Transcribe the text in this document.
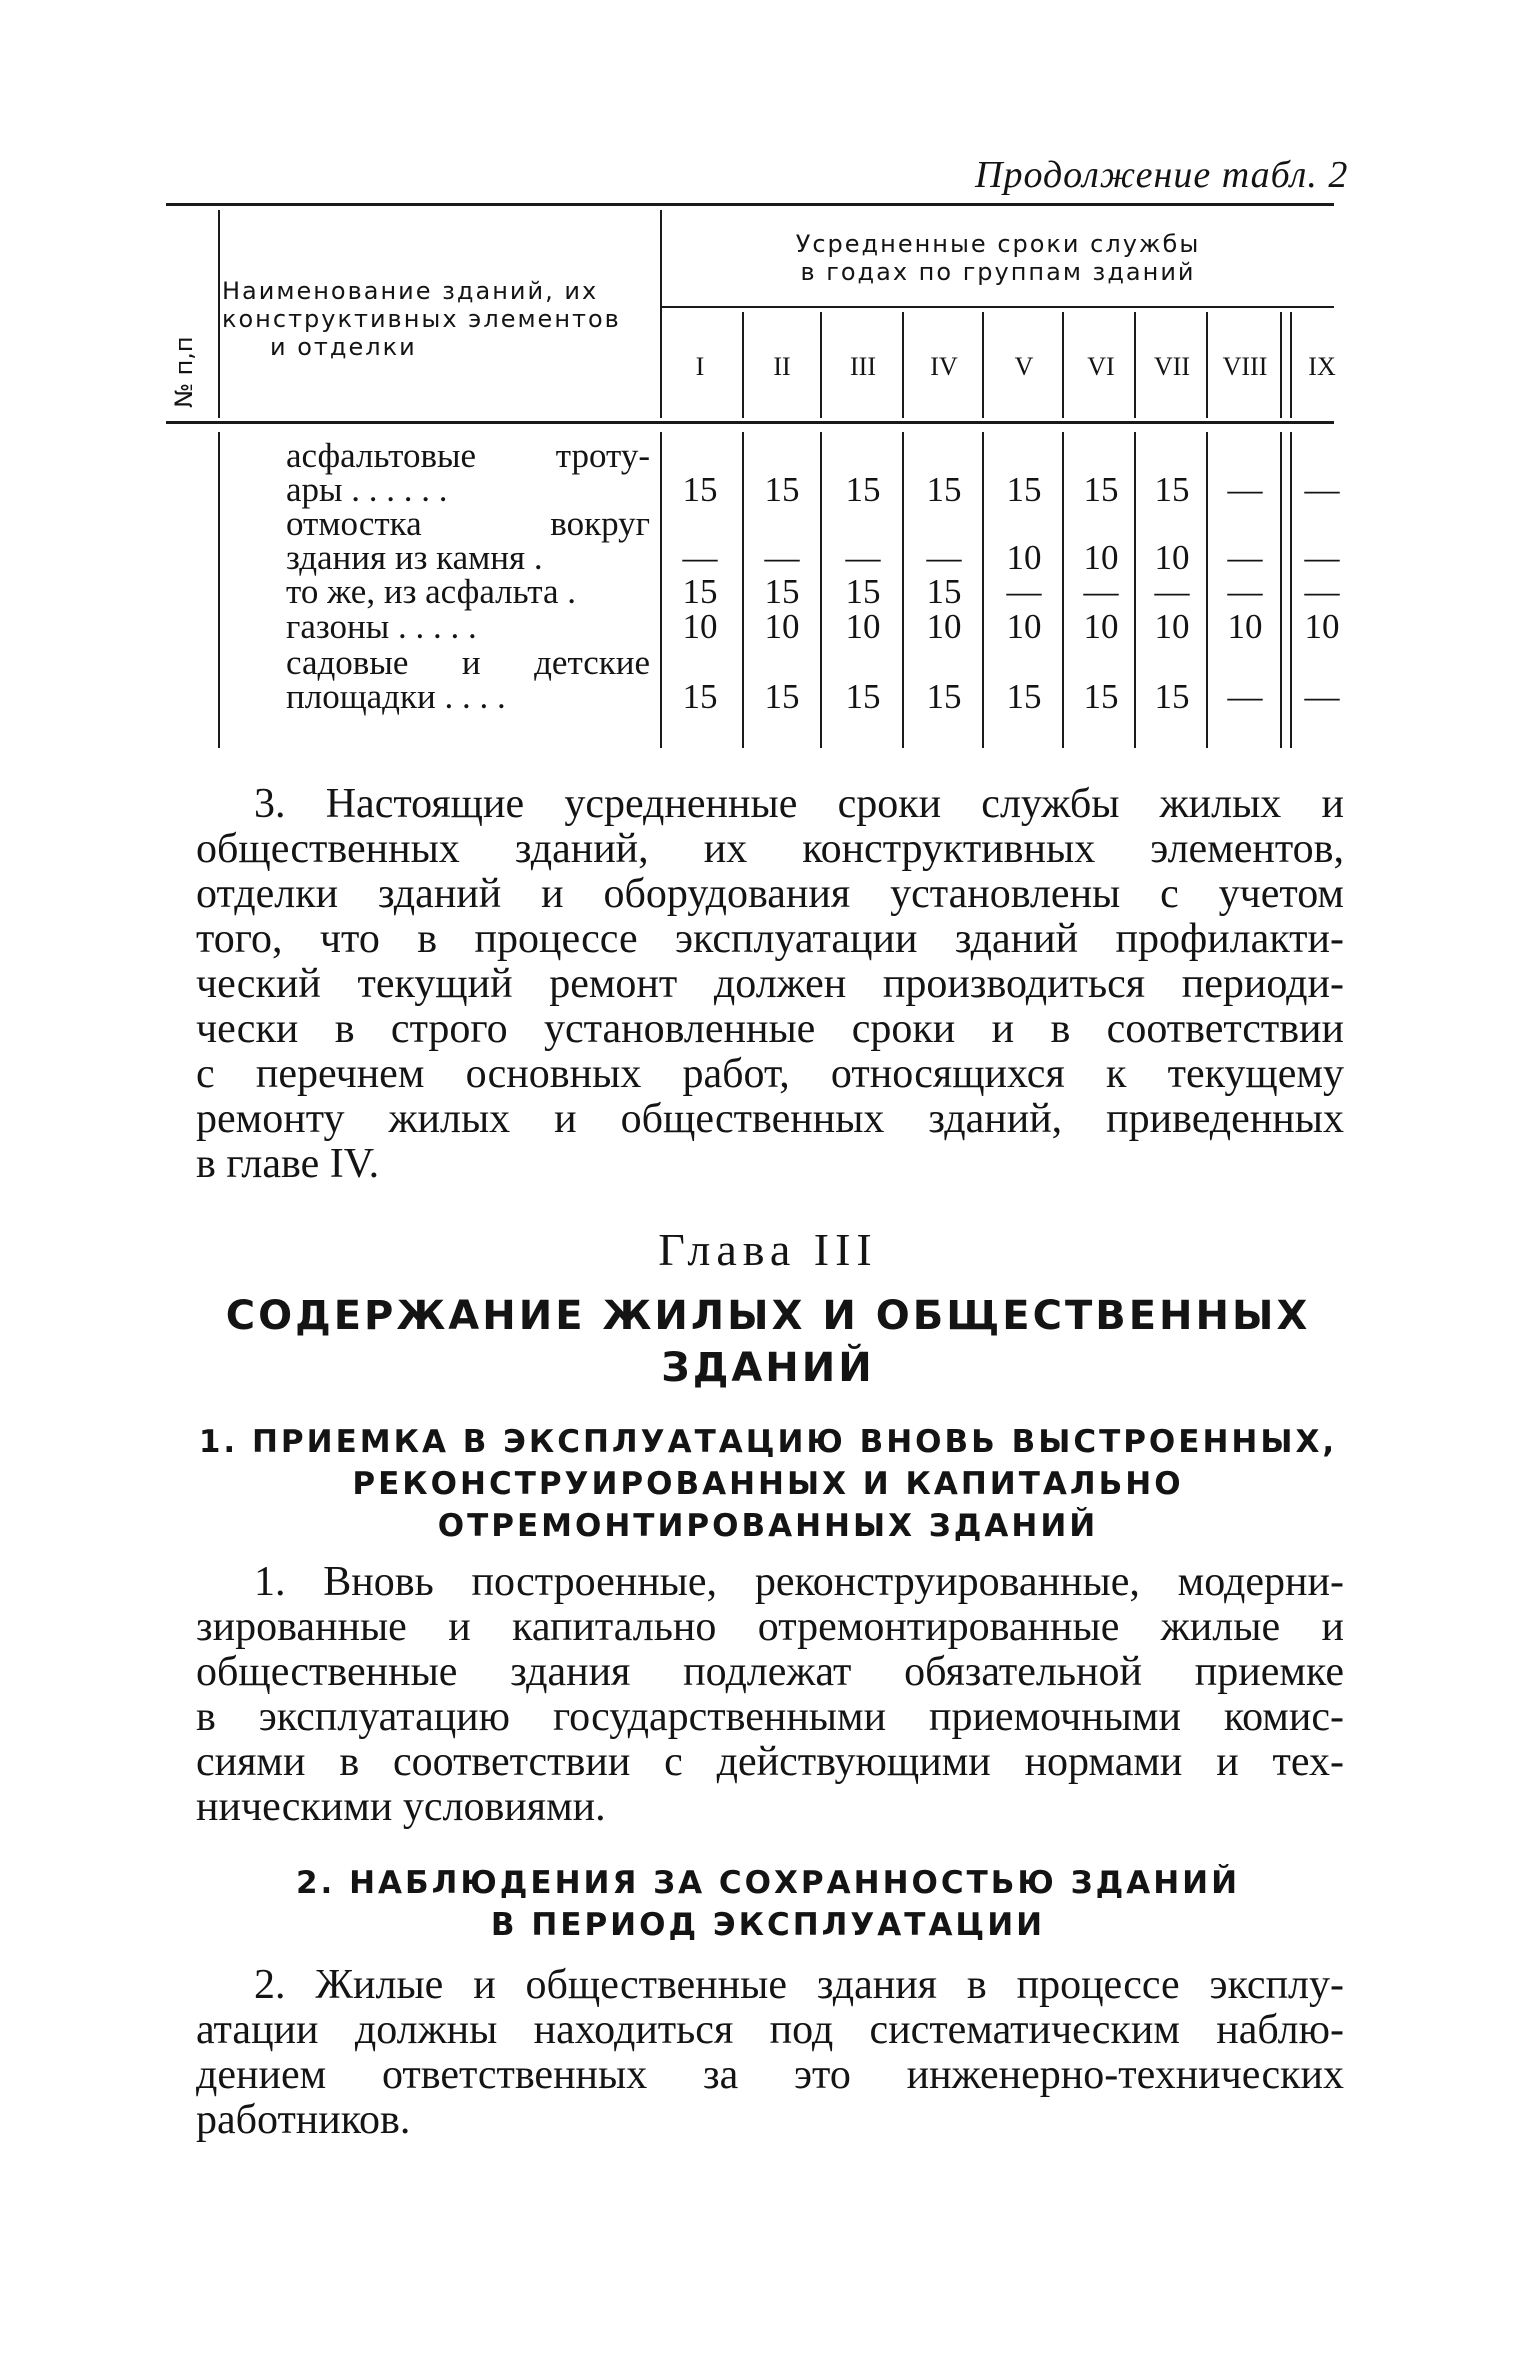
Продолжение табл. 2
№ п,п
Наименование зданий, их
конструктивных элементов
и отделки
Усредненные сроки службы
в годах по группам зданий
I	II	III	IV	V	VI	VII	VIII	IX
асфальтовые троту-
ары . . . . . .	15	15	15	15	15	15	15	—	—
отмостка вокруг
здания из камня .	—	—	—	—	10	10	10	—	—
то же, из асфальта .	15	15	15	15	—	—	—	—	—
газоны . . . . .	10	10	10	10	10	10	10	10	10
садовые и детские
площадки . . . .	15	15	15	15	15	15	15	—	—
3. Настоящие усредненные сроки службы жилых и
общественных зданий, их конструктивных элементов,
отделки зданий и оборудования установлены с учетом
того, что в процессе эксплуатации зданий профилакти-
ческий текущий ремонт должен производиться периоди-
чески в строго установленные сроки и в соответствии
с перечнем основных работ, относящихся к текущему
ремонту жилых и общественных зданий, приведенных
в главе IV.
Глава III
СОДЕРЖАНИЕ ЖИЛЫХ И ОБЩЕСТВЕННЫХ
ЗДАНИЙ
1. ПРИЕМКА В ЭКСПЛУАТАЦИЮ ВНОВЬ ВЫСТРОЕННЫХ,
РЕКОНСТРУИРОВАННЫХ И КАПИТАЛЬНО
ОТРЕМОНТИРОВАННЫХ ЗДАНИЙ
1. Вновь построенные, реконструированные, модерни-
зированные и капитально отремонтированные жилые и
общественные здания подлежат обязательной приемке
в эксплуатацию государственными приемочными комис-
сиями в соответствии с действующими нормами и тех-
ническими условиями.
2. НАБЛЮДЕНИЯ ЗА СОХРАННОСТЬЮ ЗДАНИЙ
В ПЕРИОД ЭКСПЛУАТАЦИИ
2. Жилые и общественные здания в процессе эксплу-
атации должны находиться под систематическим наблю-
дением ответственных за это инженерно-технических
работников.
